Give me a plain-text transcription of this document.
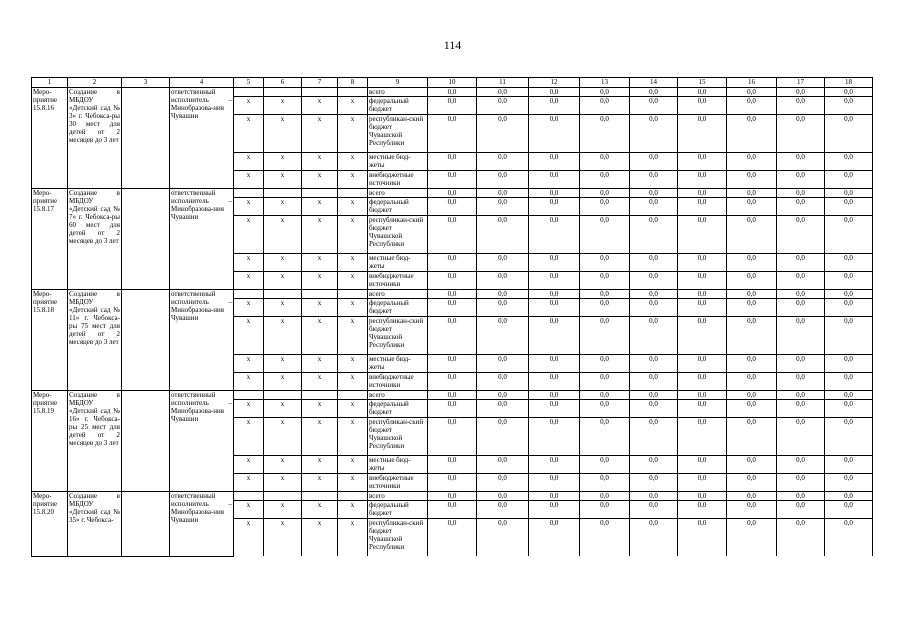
114
1	2	3	4	5	6	7	8	9	10	11	12	13	14	15	16	17	18
Меро-приятие 15.8.16	Создание в МБДОУ «Детский сад № 3» г. Чебокса-ры 30 мест для детей от 2 месяцев до 3 лет		ответственный исполнитель – Минобразова-ния Чувашии					всего	0,0	0,0	0,0	0,0	0,0	0,0	0,0	0,0	0,0
				х	х	х	х	федеральный бюджет	0,0	0,0	0,0	0,0	0,0	0,0	0,0	0,0	0,0
				х	х	х	х	республикан-ский бюджет Чувашской Республики	0,0	0,0	0,0	0,0	0,0	0,0	0,0	0,0	0,0
				х	х	х	х	местные бюд-жеты	0,0	0,0	0,0	0,0	0,0	0,0	0,0	0,0	0,0
				х	х	х	х	внебюджетные источники	0,0	0,0	0,0	0,0	0,0	0,0	0,0	0,0	0,0
Меро-приятие 15.8.17	Создание в МБДОУ «Детский сад № 7» г. Чебокса-ры 60 мест для детей от 2 месяцев до 3 лет		ответственный исполнитель – Минобразова-ния Чувашии					всего	0,0	0,0	0,0	0,0	0,0	0,0	0,0	0,0	0,0
				х	х	х	х	федеральный бюджет	0,0	0,0	0,0	0,0	0,0	0,0	0,0	0,0	0,0
				х	х	х	х	республикан-ский бюджет Чувашской Республики	0,0	0,0	0,0	0,0	0,0	0,0	0,0	0,0	0,0
				х	х	х	х	местные бюд-жеты	0,0	0,0	0,0	0,0	0,0	0,0	0,0	0,0	0,0
				х	х	х	х	внебюджетные источники	0,0	0,0	0,0	0,0	0,0	0,0	0,0	0,0	0,0
Меро-приятие 15.8.18	Создание в МБДОУ «Детский сад № 11» г. Чебокса-ры 75 мест для детей от 2 месяцев до 3 лет		ответственный исполнитель – Минобразова-ния Чувашии					всего	0,0	0,0	0,0	0,0	0,0	0,0	0,0	0,0	0,0
				х	х	х	х	федеральный бюджет	0,0	0,0	0,0	0,0	0,0	0,0	0,0	0,0	0,0
				х	х	х	х	республикан-ский бюджет Чувашской Республики	0,0	0,0	0,0	0,0	0,0	0,0	0,0	0,0	0,0
				х	х	х	х	местные бюд-жеты	0,0	0,0	0,0	0,0	0,0	0,0	0,0	0,0	0,0
				х	х	х	х	внебюджетные источники	0,0	0,0	0,0	0,0	0,0	0,0	0,0	0,0	0,0
Меро-приятие 15.8.19	Создание в МБДОУ «Детский сад № 16» г. Чебокса-ры 25 мест для детей от 2 месяцев до 3 лет		ответственный исполнитель – Минобразова-ния Чувашии					всего	0,0	0,0	0,0	0,0	0,0	0,0	0,0	0,0	0,0
				х	х	х	х	федеральный бюджет	0,0	0,0	0,0	0,0	0,0	0,0	0,0	0,0	0,0
				х	х	х	х	республикан-ский бюджет Чувашской Республики	0,0	0,0	0,0	0,0	0,0	0,0	0,0	0,0	0,0
				х	х	х	х	местные бюд-жеты	0,0	0,0	0,0	0,0	0,0	0,0	0,0	0,0	0,0
				х	х	х	х	внебюджетные источники	0,0	0,0	0,0	0,0	0,0	0,0	0,0	0,0	0,0
Меро-приятие 15.8.20	Создание в МБДОУ «Детский сад № 35» г. Чебокса-		ответственный исполнитель – Минобразова-ния Чувашии					всего	0,0	0,0	0,0	0,0	0,0	0,0	0,0	0,0	0,0
				х	х	х	х	федеральный бюджет	0,0	0,0	0,0	0,0	0,0	0,0	0,0	0,0	0,0
				х	х	х	х	республикан-ский бюджет Чувашской Республики	0,0	0,0	0,0	0,0	0,0	0,0	0,0	0,0	0,0
